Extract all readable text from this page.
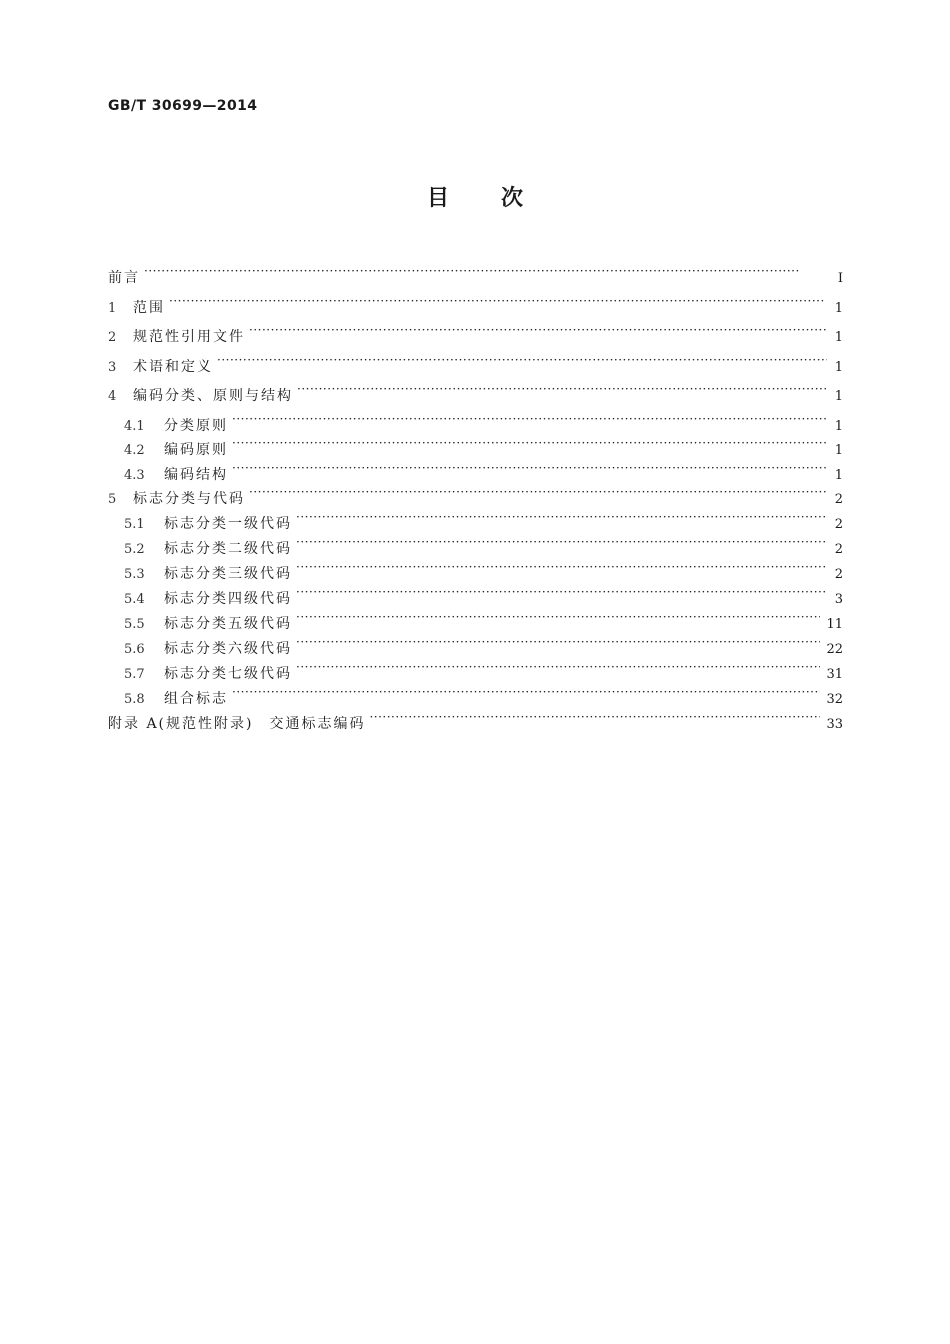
GB/T 30699—2014
目次
前言 ·····	Ⅰ
1	范围 ·····	1
2	规范性引用文件 ·····	1
3	术语和定义 ·····	1
4	编码分类、原则与结构 ·····	1
4.1	分类原则 ·····	1
4.2	编码原则 ·····	1
4.3	编码结构 ·····	1
5	标志分类与代码 ·····	2
5.1	标志分类一级代码 ·····	2
5.2	标志分类二级代码 ·····	2
5.3	标志分类三级代码 ·····	2
5.4	标志分类四级代码 ·····	3
5.5	标志分类五级代码 ·····	11
5.6	标志分类六级代码 ·····	22
5.7	标志分类七级代码 ·····	31
5.8	组合标志 ·····	32
附录 A(规范性附录)　交通标志编码 ·····	33
